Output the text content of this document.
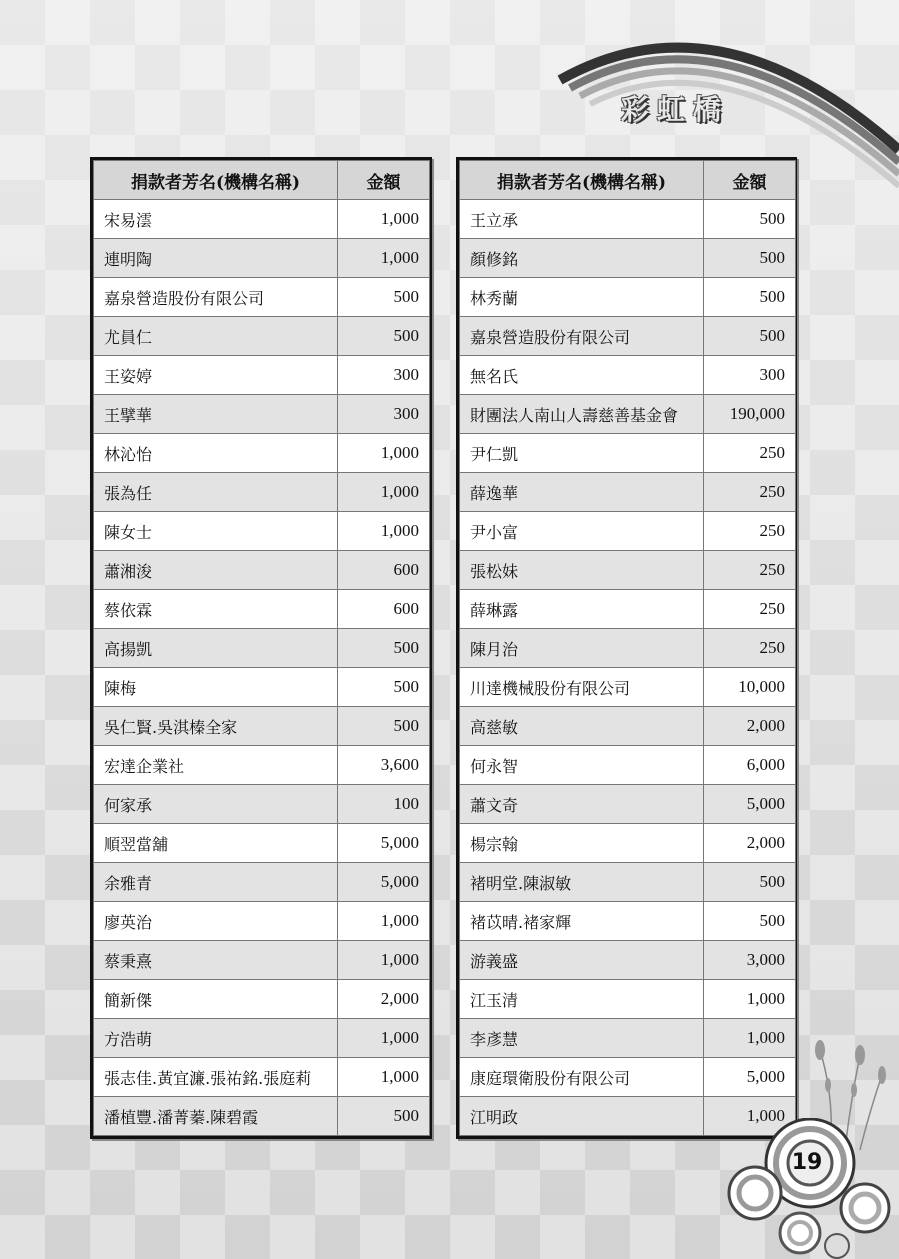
彩虹橋
捐款者芳名(機構名稱)	金額
宋易澐	1,000
連明陶	1,000
嘉泉營造股份有限公司	500
尤員仁	500
王姿婷	300
王擘華	300
林沁怡	1,000
張為任	1,000
陳女士	1,000
蕭湘浚	600
蔡依霖	600
高揚凱	500
陳梅	500
吳仁賢.吳淇榛全家	500
宏達企業社	3,600
何家承	100
順翌當舖	5,000
余雅青	5,000
廖英治	1,000
蔡秉熹	1,000
簡新傑	2,000
方浩萌	1,000
張志佳.黃宜濂.張祐銘.張庭莉	1,000
潘植豐.潘菁蓁.陳碧霞	500
捐款者芳名(機構名稱)	金額
王立承	500
顏修銘	500
林秀蘭	500
嘉泉營造股份有限公司	500
無名氏	300
財團法人南山人壽慈善基金會	190,000
尹仁凱	250
薛逸華	250
尹小富	250
張松妹	250
薛琳露	250
陳月治	250
川達機械股份有限公司	10,000
高慈敏	2,000
何永智	6,000
蕭文奇	5,000
楊宗翰	2,000
褚明堂.陳淑敏	500
褚苡晴.褚家輝	500
游義盛	3,000
江玉清	1,000
李彥慧	1,000
康庭環衛股份有限公司	5,000
江明政	1,000
19
